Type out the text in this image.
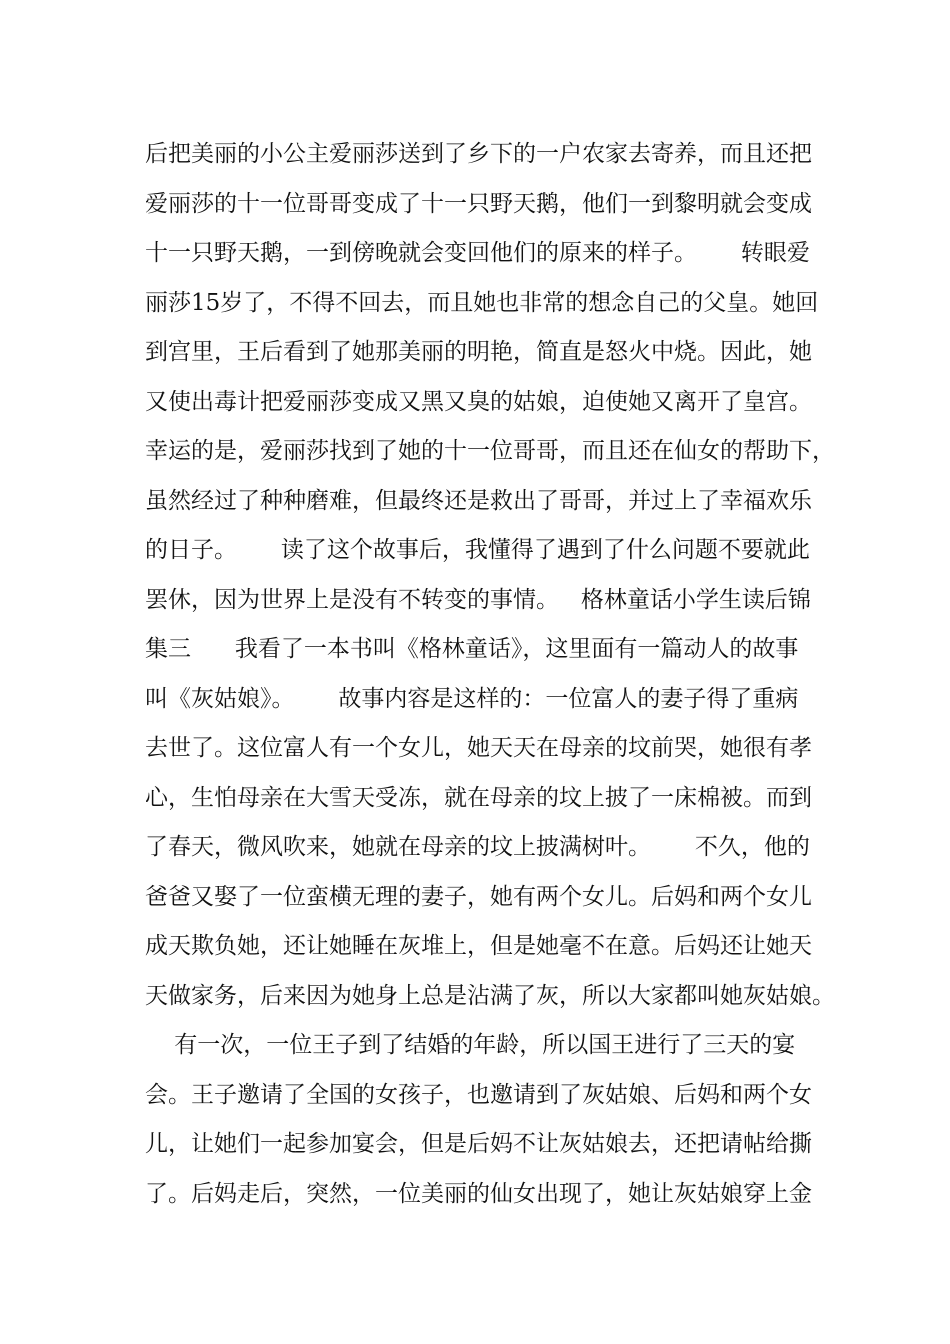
后把美丽的小公主爱丽莎送到了乡下的一户农家去寄养，而且还把
爱丽莎的十一位哥哥变成了十一只野天鹅，他们一到黎明就会变成
十一只野天鹅，一到傍晚就会变回他们的原来的样子。      转眼爱
丽莎15岁了，不得不回去，而且她也非常的想念自己的父皇。她回
到宫里，王后看到了她那美丽的明艳，简直是怒火中烧。因此，她
又使出毒计把爱丽莎变成又黑又臭的姑娘，迫使她又离开了皇宫。
幸运的是，爱丽莎找到了她的十一位哥哥，而且还在仙女的帮助下，
虽然经过了种种磨难，但最终还是救出了哥哥，并过上了幸福欢乐
的日子。      读了这个故事后，我懂得了遇到了什么问题不要就此
罢休，因为世界上是没有不转变的事情。   格林童话小学生读后锦
集三      我看了一本书叫《格林童话》，这里面有一篇动人的故事
叫《灰姑娘》。      故事内容是这样的：一位富人的妻子得了重病
去世了。这位富人有一个女儿，她天天在母亲的坟前哭，她很有孝
心，生怕母亲在大雪天受冻，就在母亲的坟上披了一床棉被。而到
了春天，微风吹来，她就在母亲的坟上披满树叶。      不久，他的
爸爸又娶了一位蛮横无理的妻子，她有两个女儿。后妈和两个女儿
成天欺负她，还让她睡在灰堆上，但是她毫不在意。后妈还让她天
天做家务，后来因为她身上总是沾满了灰，所以大家都叫她灰姑娘。
有一次，一位王子到了结婚的年龄，所以国王进行了三天的宴
会。王子邀请了全国的女孩子，也邀请到了灰姑娘、后妈和两个女
儿，让她们一起参加宴会，但是后妈不让灰姑娘去，还把请帖给撕
了。后妈走后，突然，一位美丽的仙女出现了，她让灰姑娘穿上金
